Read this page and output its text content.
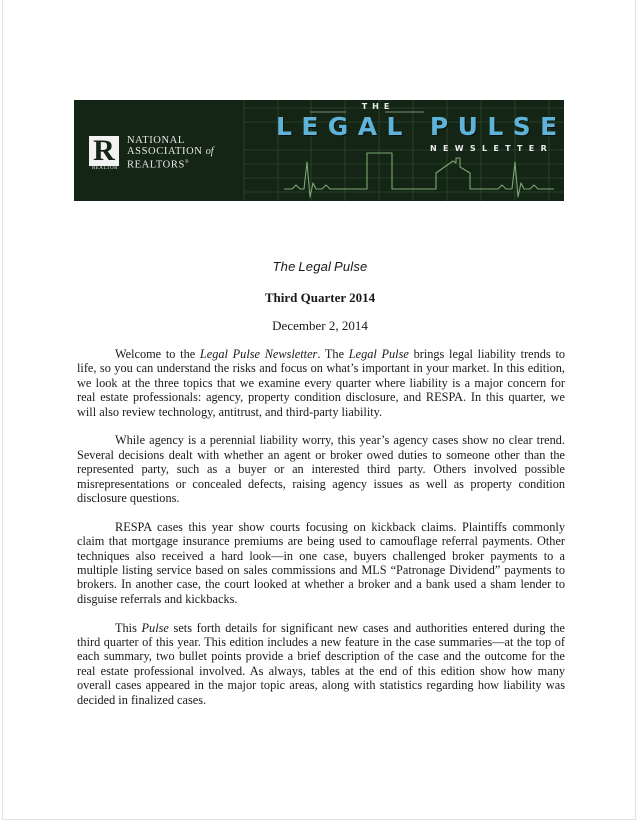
R
REALTOR
NATIONAL
ASSOCIATION of
REALTORS®
THE
LEGAL PULSE
NEWSLETTER
The Legal Pulse
Third Quarter 2014
December 2, 2014

Welcome to the Legal Pulse Newsletter. The Legal Pulse brings legal liability trends to life, so you can understand the risks and focus on what’s important in your market. In this edition, we look at the three topics that we examine every quarter where liability is a major concern for real estate professionals: agency, property condition disclosure, and RESPA. In this quarter, we will also review technology, antitrust, and third-party liability.

While agency is a perennial liability worry, this year’s agency cases show no clear trend. Several decisions dealt with whether an agent or broker owed duties to someone other than the represented party, such as a buyer or an interested third party. Others involved possible misrepresentations or concealed defects, raising agency issues as well as property condition disclosure questions.

RESPA cases this year show courts focusing on kickback claims. Plaintiffs commonly claim that mortgage insurance premiums are being used to camouflage referral payments. Other techniques also received a hard look—in one case, buyers challenged broker payments to a multiple listing service based on sales commissions and MLS “Patronage Dividend” payments to brokers. In another case, the court looked at whether a broker and a bank used a sham lender to disguise referrals and kickbacks.

This Pulse sets forth details for significant new cases and authorities entered during the third quarter of this year. This edition includes a new feature in the case summaries—at the top of each summary, two bullet points provide a brief description of the case and the outcome for the real estate professional involved. As always, tables at the end of this edition show how many overall cases appeared in the major topic areas, along with statistics regarding how liability was decided in finalized cases.
